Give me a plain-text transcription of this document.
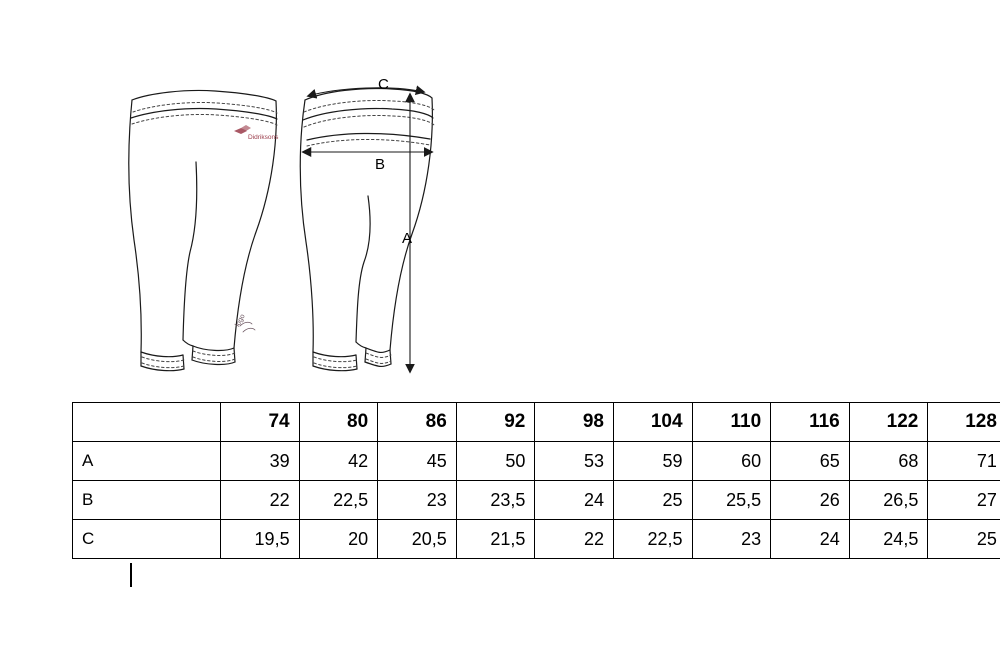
Didriksons
logo
C
B
A
	74	80	86	92	98	104	110	116	122	128
A	39	42	45	50	53	59	60	65	68	71
B	22	22,5	23	23,5	24	25	25,5	26	26,5	27
C	19,5	20	20,5	21,5	22	22,5	23	24	24,5	25
